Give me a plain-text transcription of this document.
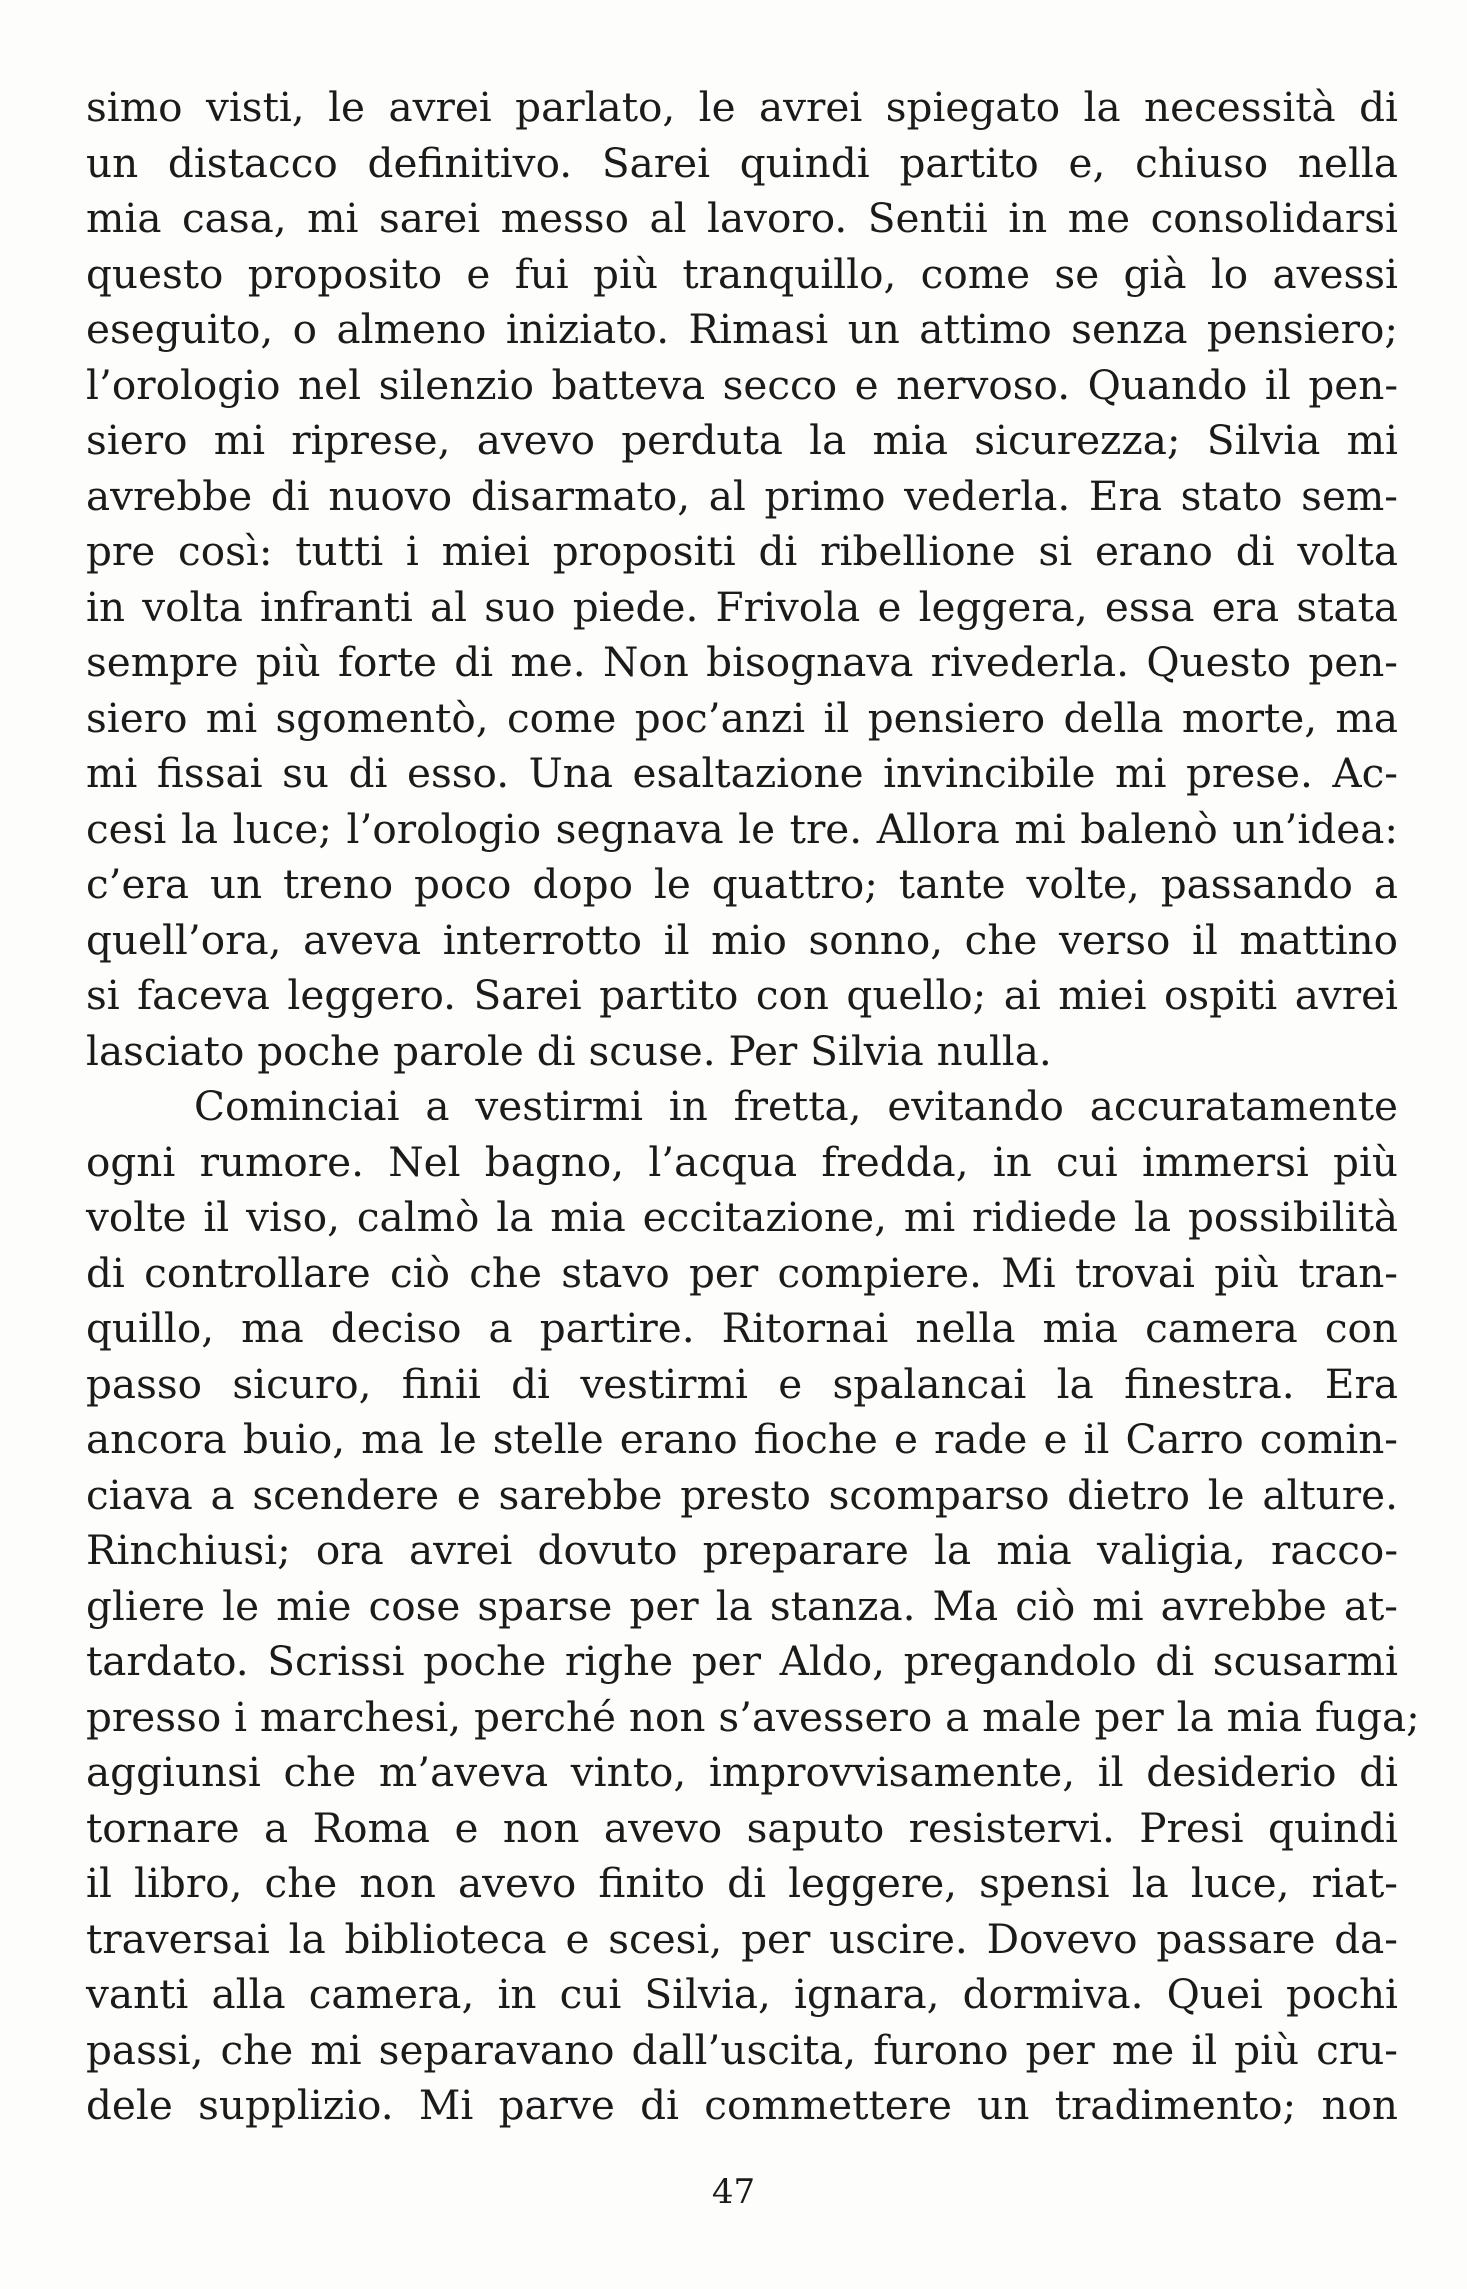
simo visti, le avrei parlato, le avrei spiegato la necessità di
un distacco definitivo. Sarei quindi partito e, chiuso nella
mia casa, mi sarei messo al lavoro. Sentii in me consolidarsi
questo proposito e fui più tranquillo, come se già lo avessi
eseguito, o almeno iniziato. Rimasi un attimo senza pensiero;
l’orologio nel silenzio batteva secco e nervoso. Quando il pen-
siero mi riprese, avevo perduta la mia sicurezza; Silvia mi
avrebbe di nuovo disarmato, al primo vederla. Era stato sem-
pre così: tutti i miei propositi di ribellione si erano di volta
in volta infranti al suo piede. Frivola e leggera, essa era stata
sempre più forte di me. Non bisognava rivederla. Questo pen-
siero mi sgomentò, come poc’anzi il pensiero della morte, ma
mi fissai su di esso. Una esaltazione invincibile mi prese. Ac-
cesi la luce; l’orologio segnava le tre. Allora mi balenò un’idea:
c’era un treno poco dopo le quattro; tante volte, passando a
quell’ora, aveva interrotto il mio sonno, che verso il mattino
si faceva leggero. Sarei partito con quello; ai miei ospiti avrei
lasciato poche parole di scuse. Per Silvia nulla.
Cominciai a vestirmi in fretta, evitando accuratamente
ogni rumore. Nel bagno, l’acqua fredda, in cui immersi più
volte il viso, calmò la mia eccitazione, mi ridiede la possibilità
di controllare ciò che stavo per compiere. Mi trovai più tran-
quillo, ma deciso a partire. Ritornai nella mia camera con
passo sicuro, finii di vestirmi e spalancai la finestra. Era
ancora buio, ma le stelle erano fioche e rade e il Carro comin-
ciava a scendere e sarebbe presto scomparso dietro le alture.
Rinchiusi; ora avrei dovuto preparare la mia valigia, racco-
gliere le mie cose sparse per la stanza. Ma ciò mi avrebbe at-
tardato. Scrissi poche righe per Aldo, pregandolo di scusarmi
presso i marchesi, perché non s’avessero a male per la mia fuga;
aggiunsi che m’aveva vinto, improvvisamente, il desiderio di
tornare a Roma e non avevo saputo resistervi. Presi quindi
il libro, che non avevo finito di leggere, spensi la luce, riat-
traversai la biblioteca e scesi, per uscire. Dovevo passare da-
vanti alla camera, in cui Silvia, ignara, dormiva. Quei pochi
passi, che mi separavano dall’uscita, furono per me il più cru-
dele supplizio. Mi parve di commettere un tradimento; non
47
